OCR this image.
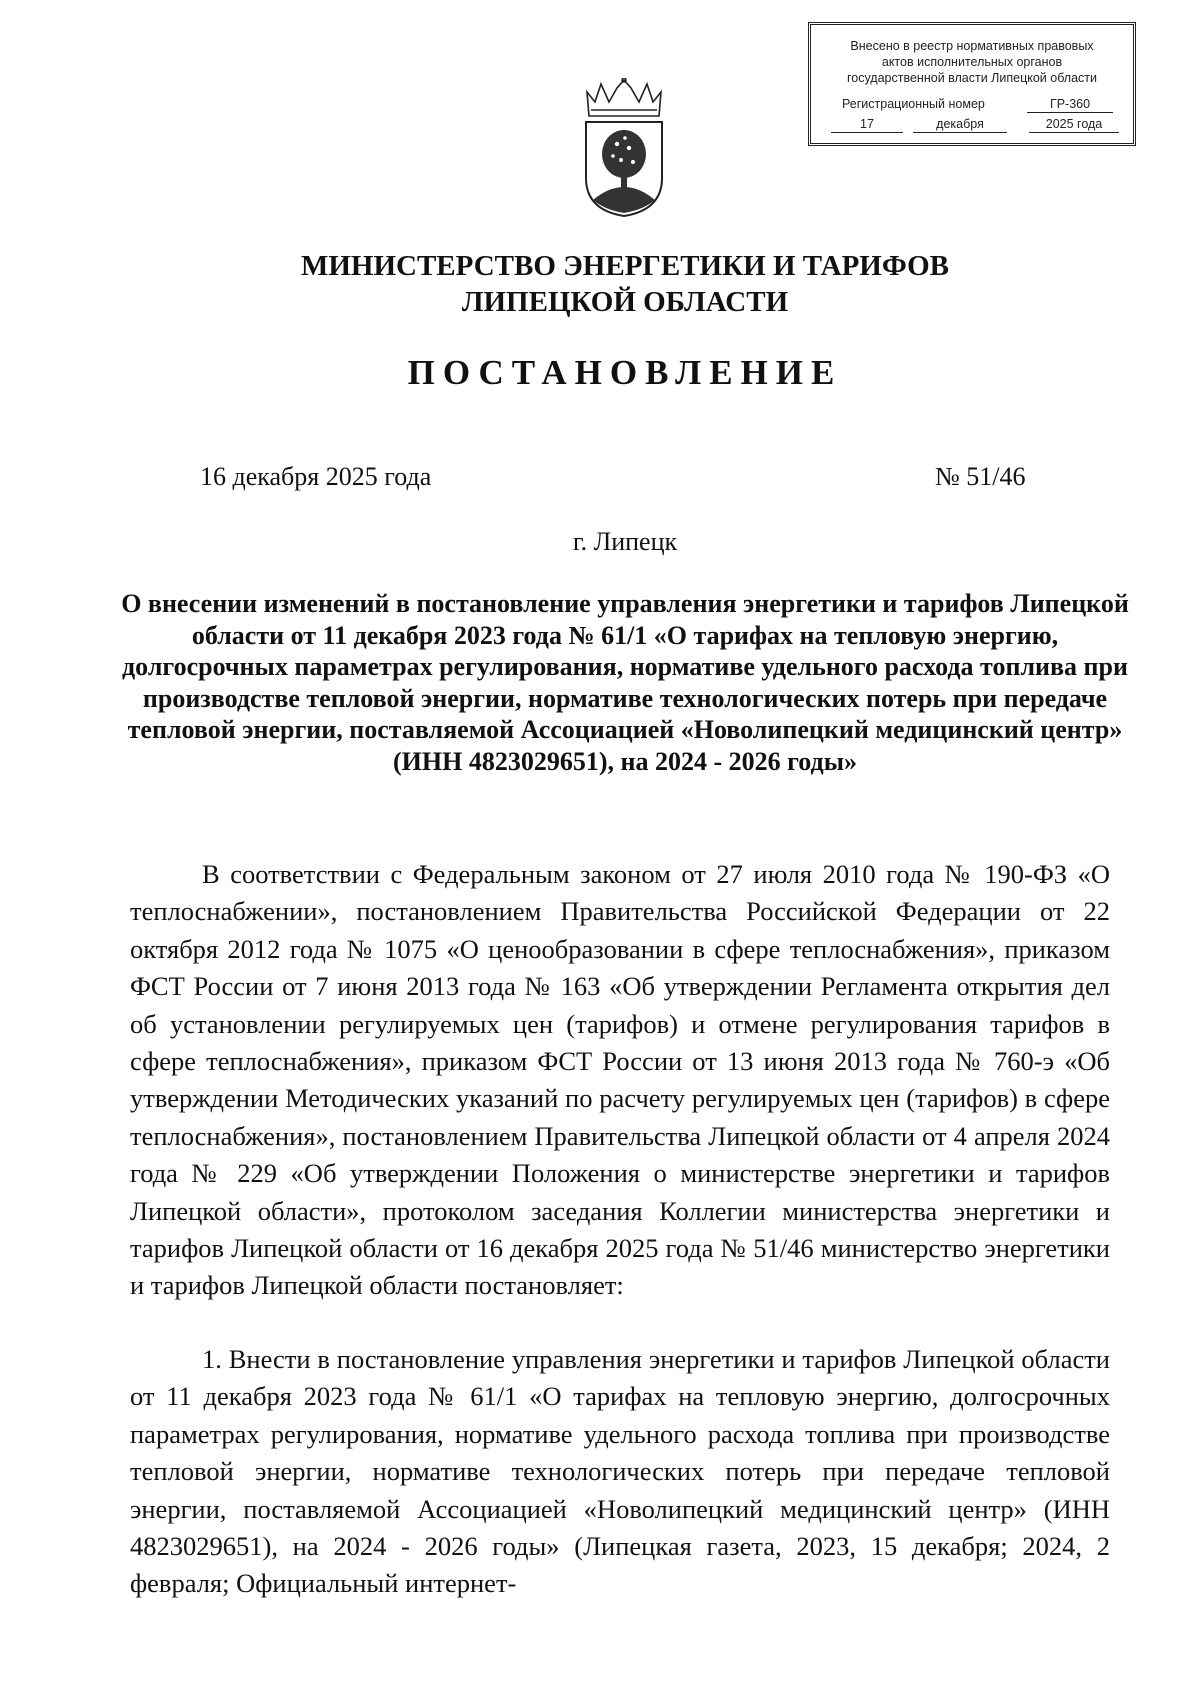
Внесено в реестр нормативных правовых
актов исполнительных органов
государственной власти Липецкой области
Регистрационный номер	ГР-360
17	декабря	2025 года
МИНИСТЕРСТВО ЭНЕРГЕТИКИ И ТАРИФОВ
ЛИПЕЦКОЙ ОБЛАСТИ
ПОСТАНОВЛЕНИЕ
16 декабря 2025 года	№ 51/46
г. Липецк
О внесении изменений в постановление управления энергетики и тарифов Липецкой области от 11 декабря 2023 года № 61/1 «О тарифах на тепловую энергию, долгосрочных параметрах регулирования, нормативе удельного расхода топлива при производстве тепловой энергии, нормативе технологических потерь при передаче тепловой энергии, поставляемой Ассоциацией «Новолипецкий медицинский центр» (ИНН 4823029651), на 2024 - 2026 годы»

В соответствии с Федеральным законом от 27 июля 2010 года № 190-ФЗ «О теплоснабжении», постановлением Правительства Российской Федерации от 22 октября 2012 года № 1075 «О ценообразовании в сфере теплоснабжения», приказом ФСТ России от 7 июня 2013 года № 163 «Об утверждении Регламента открытия дел об установлении регулируемых цен (тарифов) и отмене регулирования тарифов в сфере теплоснабжения», приказом ФСТ России от 13 июня 2013 года № 760-э «Об утверждении Методических указаний по расчету регулируемых цен (тарифов) в сфере теплоснабжения», постановлением Правительства Липецкой области от 4 апреля 2024 года № 229 «Об утверждении Положения о министерстве энергетики и тарифов Липецкой области», протоколом заседания Коллегии министерства энергетики и тарифов Липецкой области от 16 декабря 2025 года № 51/46 министерство энергетики и тарифов Липецкой области постановляет:

1. Внести в постановление управления энергетики и тарифов Липецкой области от 11 декабря 2023 года № 61/1 «О тарифах на тепловую энергию, долгосрочных параметрах регулирования, нормативе удельного расхода топлива при производстве тепловой энергии, нормативе технологических потерь при передаче тепловой энергии, поставляемой Ассоциацией «Новолипецкий медицинский центр» (ИНН 4823029651), на 2024 - 2026 годы» (Липецкая газета, 2023, 15 декабря; 2024, 2 февраля; Официальный интернет-
